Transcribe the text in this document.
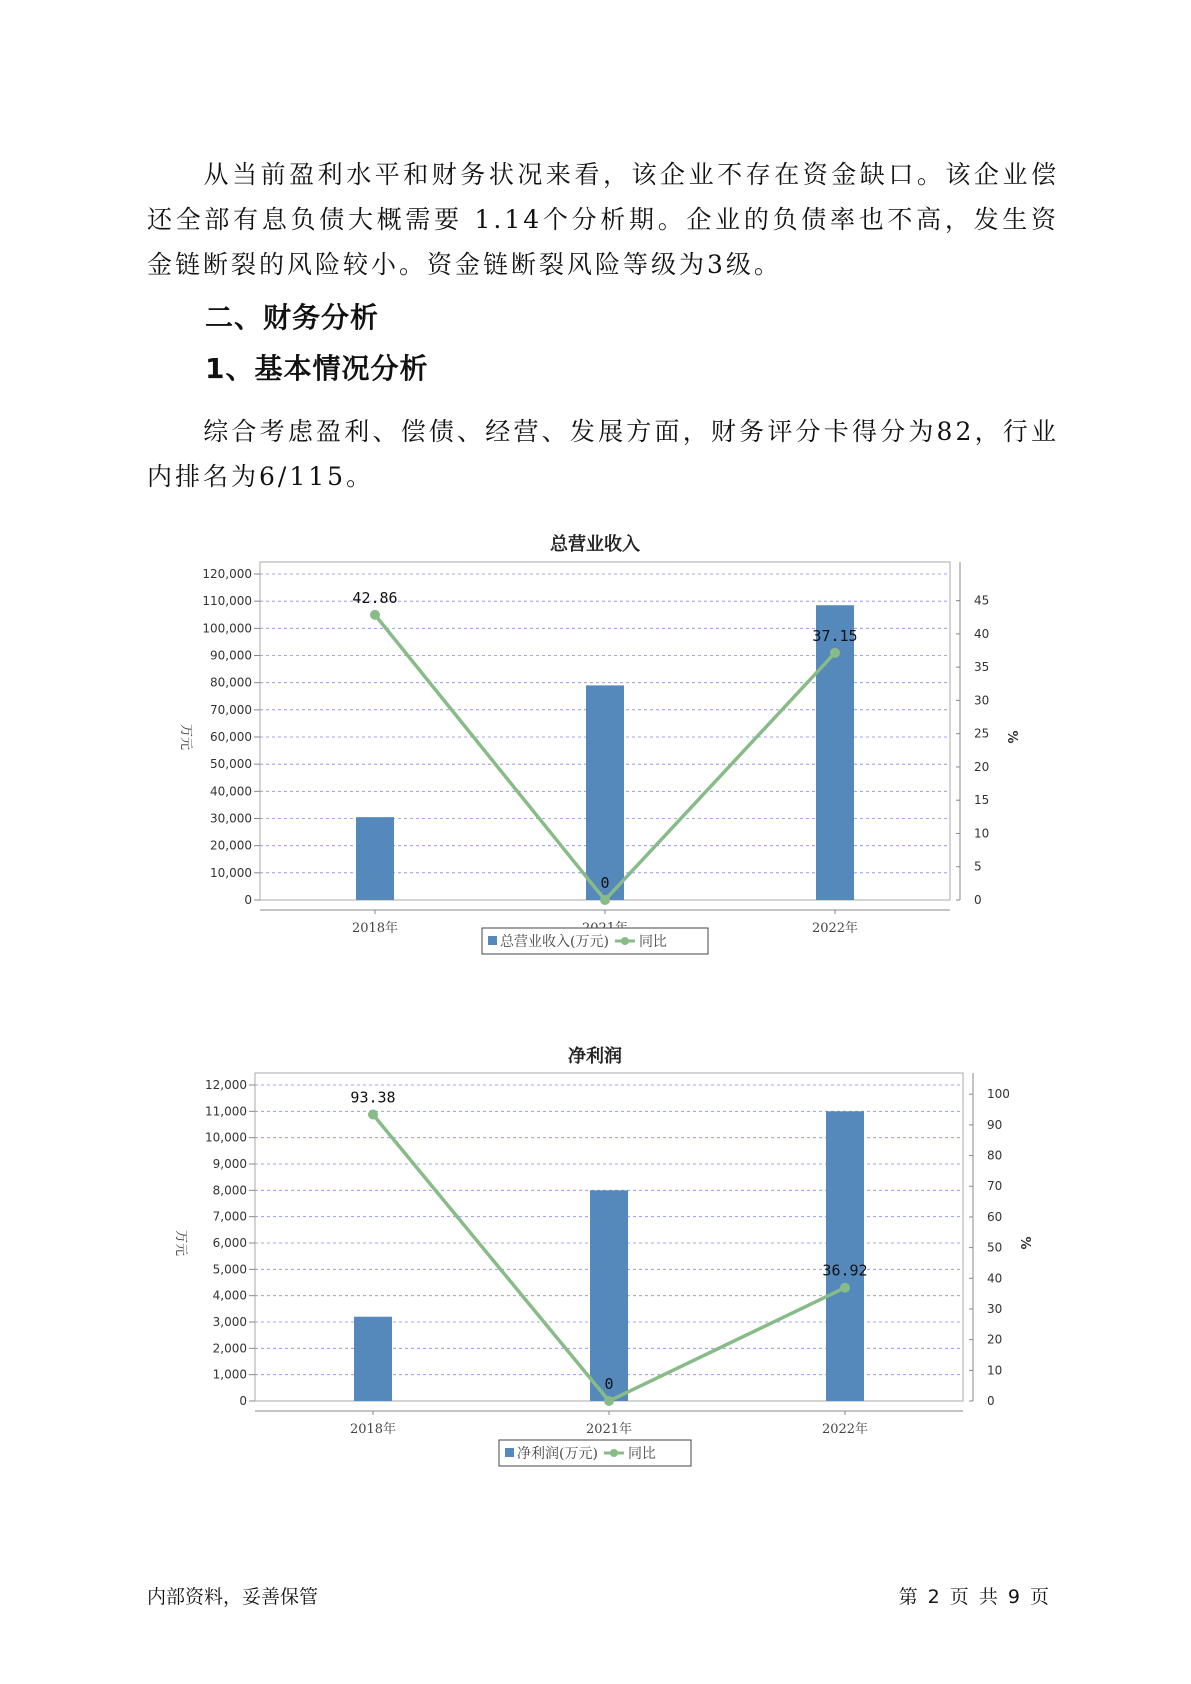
从当前盈利水平和财务状况来看，该企业不存在资金缺口。该企业偿还全部有息负债大概需要 1.14个分析期。企业的负债率也不高，发生资金链断裂的风险较小。资金链断裂风险等级为3级。

二、财务分析
1、基本情况分析

综合考虑盈利、偿债、经营、发展方面，财务评分卡得分为82，行业内排名为6/115。

总营业收入
0
10,000
20,000
30,000
40,000
50,000
60,000
70,000
80,000
90,000
100,000
110,000
120,000
0
5
10
15
20
25
30
35
40
45
万元	%
2018年	2022年
42.86
0
37.15
总营业收入(万元) 同比
净利润
0
1,000
2,000
3,000
4,000
5,000
6,000
7,000
8,000
9,000
10,000
11,000
12,000
0
10
20
30
40
50
60
70
80
90
100
万元	%
2018年	2021年	2022年
93.38
0
36.92
净利润(万元) 同比
内部资料，妥善保管	第 2 页 共 9 页
